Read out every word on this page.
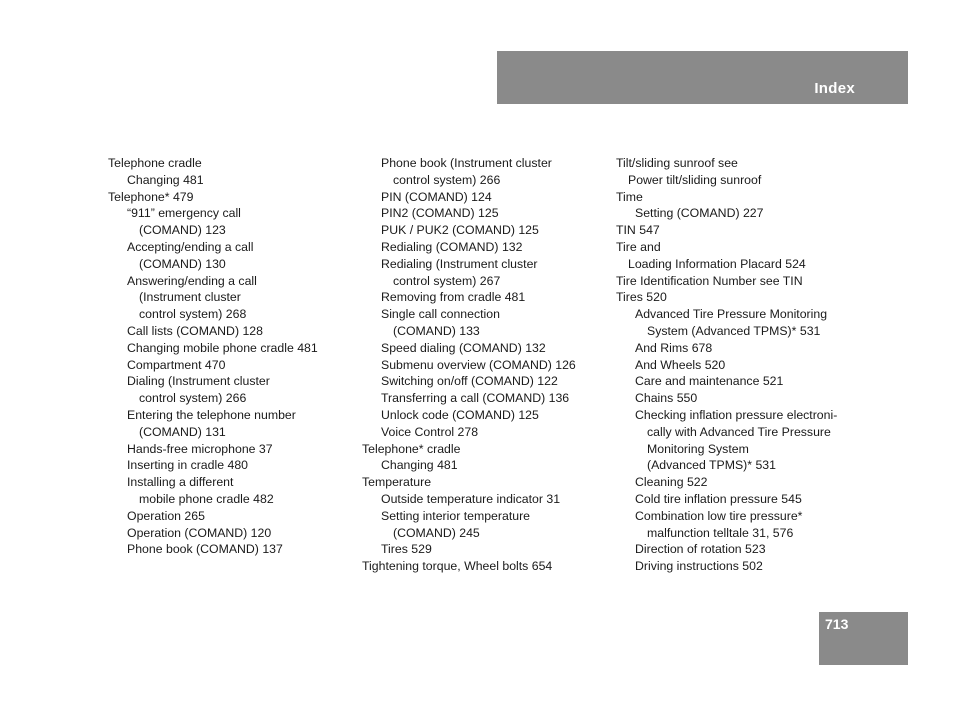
Index
Telephone cradle
Changing 481
Telephone* 479
“911” emergency call
(COMAND) 123
Accepting/ending a call
(COMAND) 130
Answering/ending a call
(Instrument cluster
control system) 268
Call lists (COMAND) 128
Changing mobile phone cradle 481
Compartment 470
Dialing (Instrument cluster
control system) 266
Entering the telephone number
(COMAND) 131
Hands-free microphone 37
Inserting in cradle 480
Installing a different
mobile phone cradle 482
Operation 265
Operation (COMAND) 120
Phone book (COMAND) 137
Phone book (Instrument cluster
control system) 266
PIN (COMAND) 124
PIN2 (COMAND) 125
PUK / PUK2 (COMAND) 125
Redialing (COMAND) 132
Redialing (Instrument cluster
control system) 267
Removing from cradle 481
Single call connection
(COMAND) 133
Speed dialing (COMAND) 132
Submenu overview (COMAND) 126
Switching on/off (COMAND) 122
Transferring a call (COMAND) 136
Unlock code (COMAND) 125
Voice Control 278
Telephone* cradle
Changing 481
Temperature
Outside temperature indicator 31
Setting interior temperature
(COMAND) 245
Tires 529
Tightening torque, Wheel bolts 654
Tilt/sliding sunroof see
Power tilt/sliding sunroof
Time
Setting (COMAND) 227
TIN 547
Tire and
Loading Information Placard 524
Tire Identification Number see TIN
Tires 520
Advanced Tire Pressure Monitoring
System (Advanced TPMS)* 531
And Rims 678
And Wheels 520
Care and maintenance 521
Chains 550
Checking inflation pressure electroni-
cally with Advanced Tire Pressure
Monitoring System
(Advanced TPMS)* 531
Cleaning 522
Cold tire inflation pressure 545
Combination low tire pressure*
malfunction telltale 31, 576
Direction of rotation 523
Driving instructions 502
713
